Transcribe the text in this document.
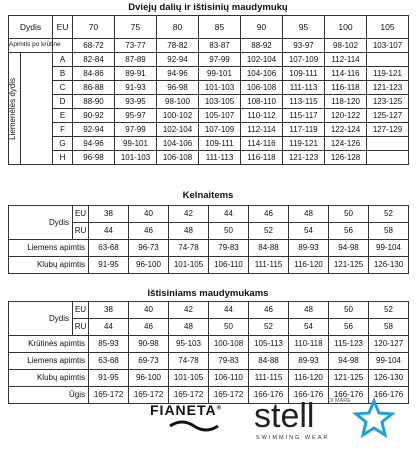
Dviejų dalių ir ištisinių maudymukų
Dydis		EU	70	75	80	85	90	95	100	105
Apimtis po krūtine			68-72	73-77	78-82	83-87	88-92	93-97	98-102	103-107

Liemenėlės dydis		A	82-84	87-89	92-94	97-99	102-104	107-109	112-114	
		B	84-86	89-91	94-96	99-101	104-106	109-111	114-116	119-121
		C	86-88	91-93	96-98	101-103	106-108	111-113	116-118	121-123
		D	88-90	93-95	98-100	103-105	108-110	113-115	118-120	123-125
		E	90-92	95-97	100-102	105-107	110-112	115-117	120-122	125-127
		F	92-94	97-99	102-104	107-109	112-114	117-119	122-124	127-129
		G	94-96	99-101	104-106	109-111	114-116	119-121	124-126	
		H	96-98	101-103	106-108	111-113	116-118	121-123	126-128	
Kelnaitems
Dydis	EU	38	40	42	44	46	48	50	52
	RU	44	46	48	50	52	54	56	58
Liemens apimtis		63-68	96-73	74-78	79-83	84-88	89-93	94-98	99-104
Klubų apimtis		91-95	96-100	101-105	106-110	111-115	116-120	121-125	126-130
Ištisiniams maudymukams
Dydis	EU	38	40	42	44	46	48	50	52
	RU	44	46	48	50	52	54	56	58
Krūtinės apimtis		85-93	90-98	95-103	100-108	105-113	110-118	115-123	120-127
Liemens apimtis		63-68	69-73	74-78	79-83	84-88	89-93	94-98	99-104
Klubų apimtis		91-95	96-100	101-105	106-110	111-115	116-120	121-125	126-130
Ūgis		165-172	165-172	165-172	165-172	166-176	166-176	166-176	166-176
FIANETA®
DI MARE
stell
SWIMMING WEAR
